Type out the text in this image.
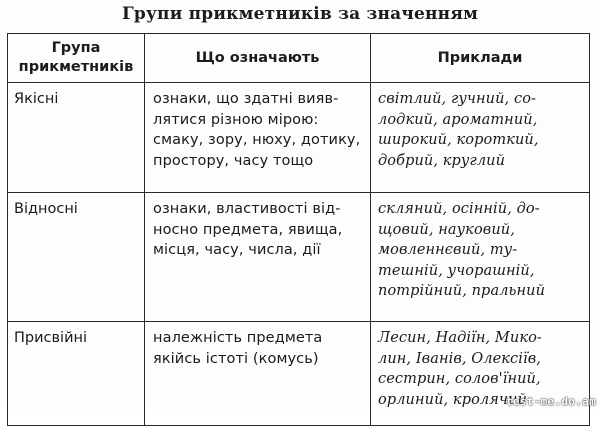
Групи прикметників за значенням
Група
прикметників	Що означають	Приклади
Якісні	ознаки, що здатні вияв-
лятися різною мірою:
смаку, зору, нюху, дотику,
простору, часу тощо	світлий, гучний, со-
лодкий, ароматний,
широкий, короткий,
добрий, круглий

Відносні	ознаки, властивості від-
носно предмета, явища,
місця, часу, числа, дії	скляний, осінній, до-
щовий, науковий,
мовленнєвий, ту-
тешній, учорашній,
потрійний, пральний

Присвійні	належність предмета
якійсь істоті (комусь)	Лесин, Надіїн, Мико-
лин, Іванів, Олексіїв,
сестрин, солов'їний,
орлиний, кролячий
test-me.do.am
